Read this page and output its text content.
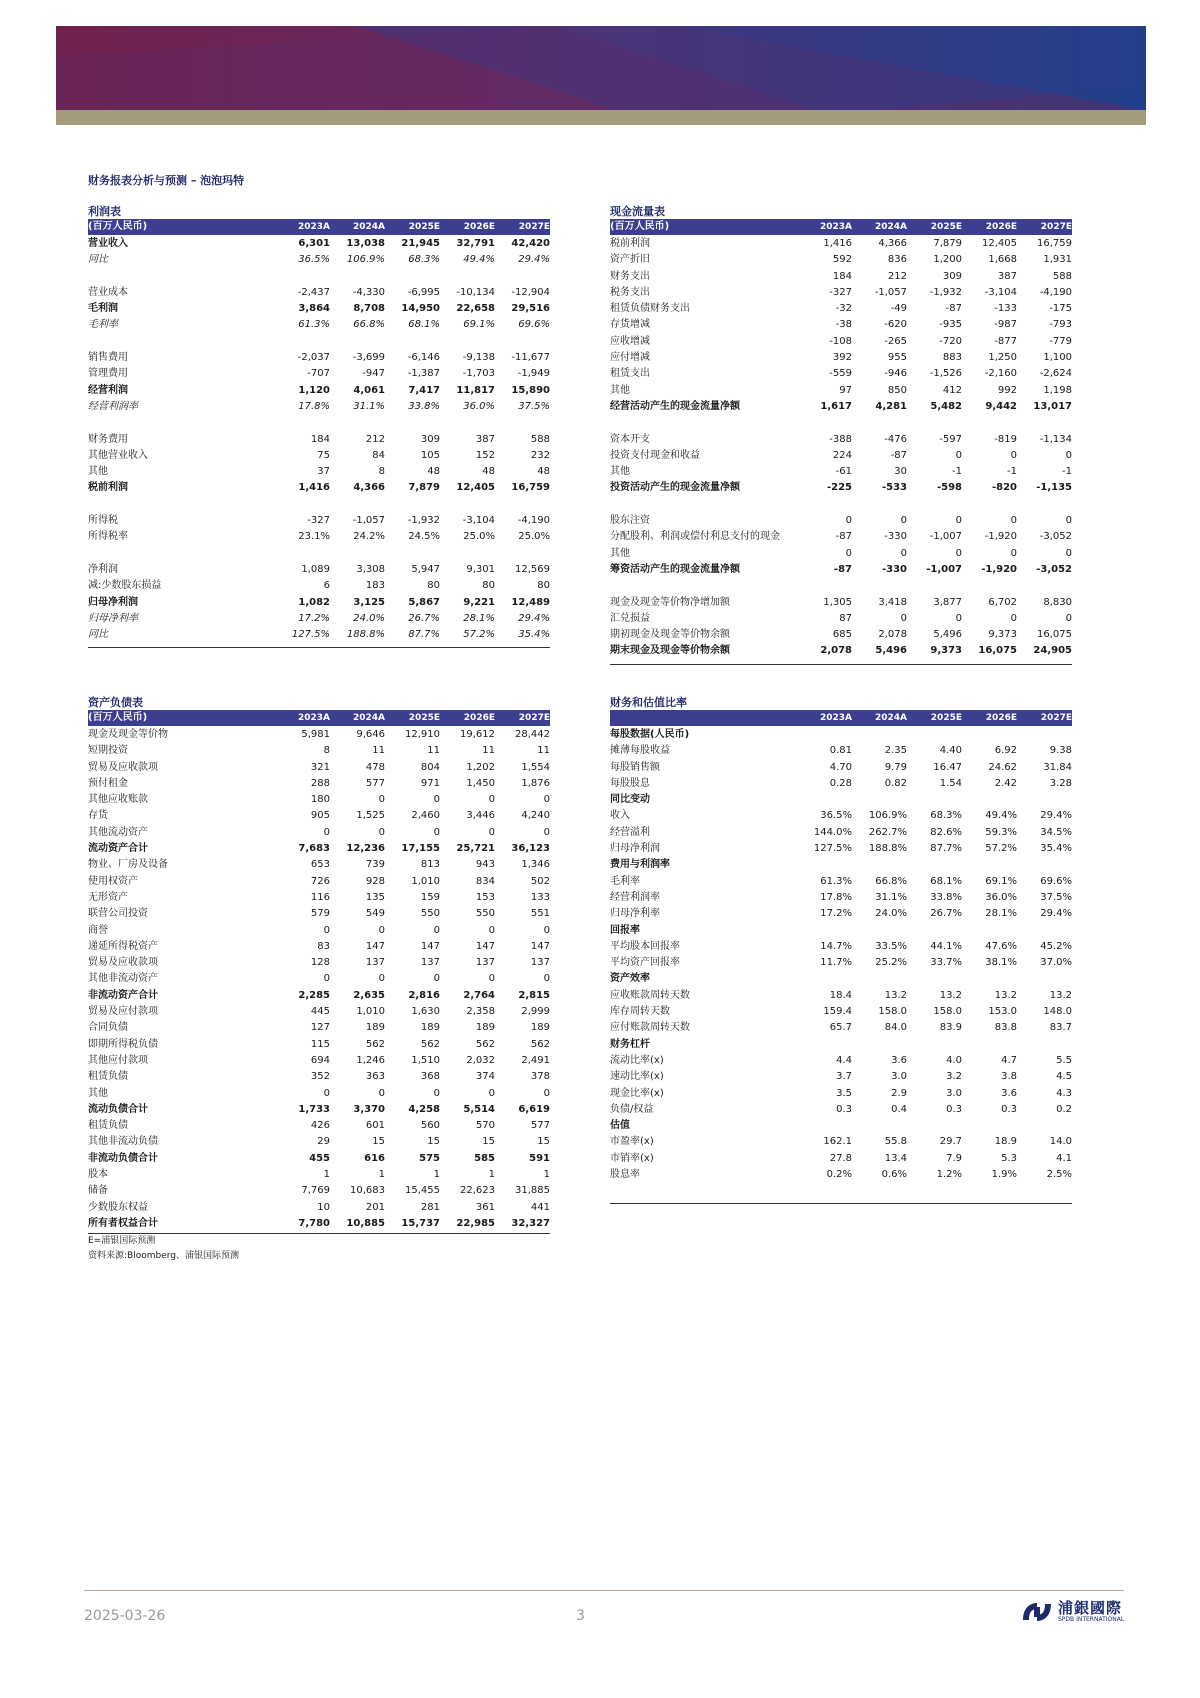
财务报表分析与预测 – 泡泡玛特
利润表
(百万人民币)	2023A	2024A	2025E	2026E	2027E
营业收入	6,301	13,038	21,945	32,791	42,420
同比	36.5%	106.9%	68.3%	49.4%	29.4%
营业成本	-2,437	-4,330	-6,995	-10,134	-12,904
毛利润	3,864	8,708	14,950	22,658	29,516
毛利率	61.3%	66.8%	68.1%	69.1%	69.6%
销售费用	-2,037	-3,699	-6,146	-9,138	-11,677
管理费用	-707	-947	-1,387	-1,703	-1,949
经营利润	1,120	4,061	7,417	11,817	15,890
经营利润率	17.8%	31.1%	33.8%	36.0%	37.5%
财务费用	184	212	309	387	588
其他营业收入	75	84	105	152	232
其他	37	8	48	48	48
税前利润	1,416	4,366	7,879	12,405	16,759
所得税	-327	-1,057	-1,932	-3,104	-4,190
所得税率	23.1%	24.2%	24.5%	25.0%	25.0%
净利润	1,089	3,308	5,947	9,301	12,569
减:少数股东损益	6	183	80	80	80
归母净利润	1,082	3,125	5,867	9,221	12,489
归母净利率	17.2%	24.0%	26.7%	28.1%	29.4%
同比	127.5%	188.8%	87.7%	57.2%	35.4%
现金流量表
(百万人民币)	2023A	2024A	2025E	2026E	2027E
税前利润	1,416	4,366	7,879	12,405	16,759
资产折旧	592	836	1,200	1,668	1,931
财务支出	184	212	309	387	588
税务支出	-327	-1,057	-1,932	-3,104	-4,190
租赁负债财务支出	-32	-49	-87	-133	-175
存货增减	-38	-620	-935	-987	-793
应收增减	-108	-265	-720	-877	-779
应付增减	392	955	883	1,250	1,100
租赁支出	-559	-946	-1,526	-2,160	-2,624
其他	97	850	412	992	1,198
经营活动产生的现金流量净额	1,617	4,281	5,482	9,442	13,017
资本开支	-388	-476	-597	-819	-1,134
投资支付现金和收益	224	-87	0	0	0
其他	-61	30	-1	-1	-1
投资活动产生的现金流量净额	-225	-533	-598	-820	-1,135
股东注资	0	0	0	0	0
分配股利、利润或偿付利息支付的现金	-87	-330	-1,007	-1,920	-3,052
其他	0	0	0	0	0
筹资活动产生的现金流量净额	-87	-330	-1,007	-1,920	-3,052
现金及现金等价物净增加额	1,305	3,418	3,877	6,702	8,830
汇兑损益	87	0	0	0	0
期初现金及现金等价物余额	685	2,078	5,496	9,373	16,075
期末现金及现金等价物余额	2,078	5,496	9,373	16,075	24,905
资产负债表
(百万人民币)	2023A	2024A	2025E	2026E	2027E
现金及现金等价物	5,981	9,646	12,910	19,612	28,442
短期投资	8	11	11	11	11
贸易及应收款项	321	478	804	1,202	1,554
预付租金	288	577	971	1,450	1,876
其他应收账款	180	0	0	0	0
存货	905	1,525	2,460	3,446	4,240
其他流动资产	0	0	0	0	0
流动资产合计	7,683	12,236	17,155	25,721	36,123
物业、厂房及设备	653	739	813	943	1,346
使用权资产	726	928	1,010	834	502
无形资产	116	135	159	153	133
联营公司投资	579	549	550	550	551
商誉	0	0	0	0	0
递延所得税资产	83	147	147	147	147
贸易及应收款项	128	137	137	137	137
其他非流动资产	0	0	0	0	0
非流动资产合计	2,285	2,635	2,816	2,764	2,815
贸易及应付款项	445	1,010	1,630	2,358	2,999
合同负债	127	189	189	189	189
即期所得税负债	115	562	562	562	562
其他应付款项	694	1,246	1,510	2,032	2,491
租赁负债	352	363	368	374	378
其他	0	0	0	0	0
流动负债合计	1,733	3,370	4,258	5,514	6,619
租赁负债	426	601	560	570	577
其他非流动负债	29	15	15	15	15
非流动负债合计	455	616	575	585	591
股本	1	1	1	1	1
储备	7,769	10,683	15,455	22,623	31,885
少数股东权益	10	201	281	361	441
所有者权益合计	7,780	10,885	15,737	22,985	32,327
E=浦银国际预测
资料来源:Bloomberg、浦银国际预测
财务和估值比率
2023A	2024A	2025E	2026E	2027E
每股数据(人民币)
摊薄每股收益	0.81	2.35	4.40	6.92	9.38
每股销售额	4.70	9.79	16.47	24.62	31.84
每股股息	0.28	0.82	1.54	2.42	3.28
同比变动
收入	36.5%	106.9%	68.3%	49.4%	29.4%
经营溢利	144.0%	262.7%	82.6%	59.3%	34.5%
归母净利润	127.5%	188.8%	87.7%	57.2%	35.4%
费用与利润率
毛利率	61.3%	66.8%	68.1%	69.1%	69.6%
经营利润率	17.8%	31.1%	33.8%	36.0%	37.5%
归母净利率	17.2%	24.0%	26.7%	28.1%	29.4%
回报率
平均股本回报率	14.7%	33.5%	44.1%	47.6%	45.2%
平均资产回报率	11.7%	25.2%	33.7%	38.1%	37.0%
资产效率
应收账款周转天数	18.4	13.2	13.2	13.2	13.2
库存周转天数	159.4	158.0	158.0	153.0	148.0
应付账款周转天数	65.7	84.0	83.9	83.8	83.7
财务杠杆
流动比率(x)	4.4	3.6	4.0	4.7	5.5
速动比率(x)	3.7	3.0	3.2	3.8	4.5
现金比率(x)	3.5	2.9	3.0	3.6	4.3
负债/权益	0.3	0.4	0.3	0.3	0.2
估值
市盈率(x)	162.1	55.8	29.7	18.9	14.0
市销率(x)	27.8	13.4	7.9	5.3	4.1
股息率	0.2%	0.6%	1.2%	1.9%	2.5%
2025-03-26	3	浦銀國際
SPDB INTERNATIONAL
